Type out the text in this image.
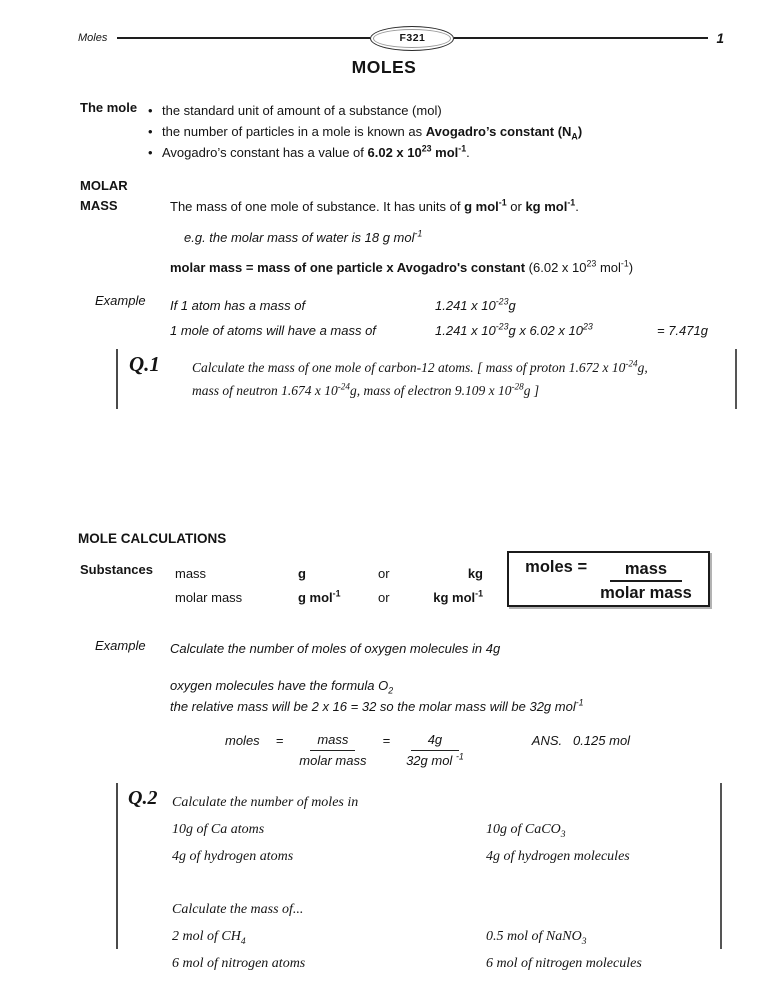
Moles	F321	1
MOLES
The mole • the standard unit of amount of a substance (mol)
• the number of particles in a mole is known as Avogadro’s constant $(N_A)$
• Avogadro’s constant has a value of 6.02 x $10^{23}$ mol$^{-1}$.
MOLAR
MASS	The mass of one mole of substance. It has units of g mol$^{-1}$ or kg mol$^{-1}$.
e.g. the molar mass of water is 18 g mol$^{-1}$
molar mass = mass of one particle x Avogadro's constant (6.02 x $10^{23}$ mol$^{-1}$)
Example	If 1 atom has a mass of	1.241 x $10^{-23}g$
1 mole of atoms will have a mass of	1.241 x $10^{-23}g$ x 6.02 x $10^{23}$	= 7.471g
Q.1	Calculate the mass of one mole of carbon-12 atoms. [ mass of proton 1.672 x $10^{-24}g$,
mass of neutron 1.674 x $10^{-24}g$, mass of electron 9.109 x $10^{-28}g$ ]
MOLE CALCULATIONS
Substances	mass	g	or	kg
molar mass	g mol$^{-1}$	or	kg mol$^{-1}$
moles = $\frac{\text{mass}}{\text{molar mass}}$
Example	Calculate the number of moles of oxygen molecules in 4g
oxygen molecules have the formula $O_2$
the relative mass will be 2 x 16 = 32 so the molar mass will be 32g mol$^{-1}$
moles = $\frac{\text{mass}}{\text{molar mass}} = \frac{4g}{32g mol ^{-1}}$	ANS.   0.125 mol
Q.2	Calculate the number of moles in
10g of Ca atoms	10g of CaCO$_3$
4g of hydrogen atoms	4g of hydrogen molecules
Calculate the mass of...
2 mol of $CH_4$	0.5 mol of NaNO$_3$
6 mol of nitrogen atoms	6 mol of nitrogen molecules
